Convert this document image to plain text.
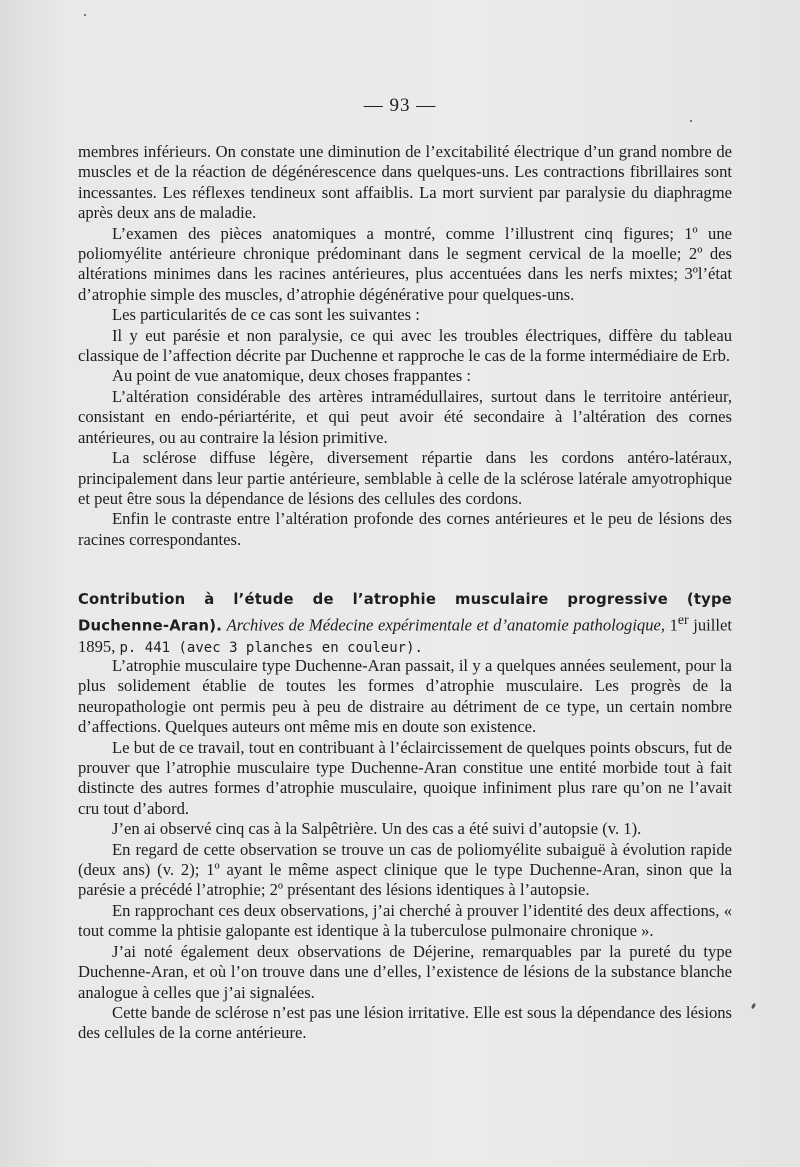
— 93 —

membres inférieurs. On constate une diminution de l’excitabilité électrique d’un grand nombre de muscles et de la réaction de dégénérescence dans quelques-uns. Les contractions fibrillaires sont incessantes. Les réflexes tendineux sont affaiblis. La mort survient par paralysie du diaphragme après deux ans de maladie.

L’examen des pièces anatomiques a montré, comme l’illustrent cinq figures; 1º une poliomyélite antérieure chronique prédominant dans le segment cervical de la moelle; 2º des altérations minimes dans les racines antérieures, plus accentuées dans les nerfs mixtes; 3ºl’état d’atrophie simple des muscles, d’atrophie dégénérative pour quelques-uns.

Les particularités de ce cas sont les suivantes :

Il y eut parésie et non paralysie, ce qui avec les troubles électriques, diffère du tableau classique de l’affection décrite par Duchenne et rapproche le cas de la forme intermédiaire de Erb.

Au point de vue anatomique, deux choses frappantes :

L’altération considérable des artères intramédullaires, surtout dans le territoire antérieur, consistant en endo-périartérite, et qui peut avoir été secondaire à l’altération des cornes antérieures, ou au contraire la lésion primitive.

La sclérose diffuse légère, diversement répartie dans les cordons antéro-latéraux, principalement dans leur partie antérieure, semblable à celle de la sclérose latérale amyotrophique et peut être sous la dépendance de lésions des cellules des cordons.

Enfin le contraste entre l’altération profonde des cornes antérieures et le peu de lésions des racines correspondantes.

Contribution à l’étude de l’atrophie musculaire progressive (type Duchenne-Aran). Archives de Médecine expérimentale et d’anatomie pathologique, 1er juillet 1895, p. 441 (avec 3 planches en couleur).

L’atrophie musculaire type Duchenne-Aran passait, il y a quelques années seulement, pour la plus solidement établie de toutes les formes d’atrophie musculaire. Les progrès de la neuropathologie ont permis peu à peu de distraire au détriment de ce type, un certain nombre d’affections. Quelques auteurs ont même mis en doute son existence.

Le but de ce travail, tout en contribuant à l’éclaircissement de quelques points obscurs, fut de prouver que l’atrophie musculaire type Duchenne-Aran constitue une entité morbide tout à fait distincte des autres formes d’atrophie musculaire, quoique infiniment plus rare qu’on ne l’avait cru tout d’abord.

J’en ai observé cinq cas à la Salpêtrière. Un des cas a été suivi d’autopsie (v. 1).

En regard de cette observation se trouve un cas de poliomyélite subaiguë à évolution rapide (deux ans) (v. 2); 1º ayant le même aspect clinique que le type Duchenne-Aran, sinon que la parésie a précédé l’atrophie; 2º présentant des lésions identiques à l’autopsie.

En rapprochant ces deux observations, j’ai cherché à prouver l’identité des deux affections, « tout comme la phtisie galopante est identique à la tuberculose pulmonaire chronique ».

J’ai noté également deux observations de Déjerine, remarquables par la pureté du type Duchenne-Aran, et où l’on trouve dans une d’elles, l’existence de lésions de la substance blanche analogue à celles que j’ai signalées.

Cette bande de sclérose n’est pas une lésion irritative. Elle est sous la dépendance des lésions des cellules de la corne antérieure.
